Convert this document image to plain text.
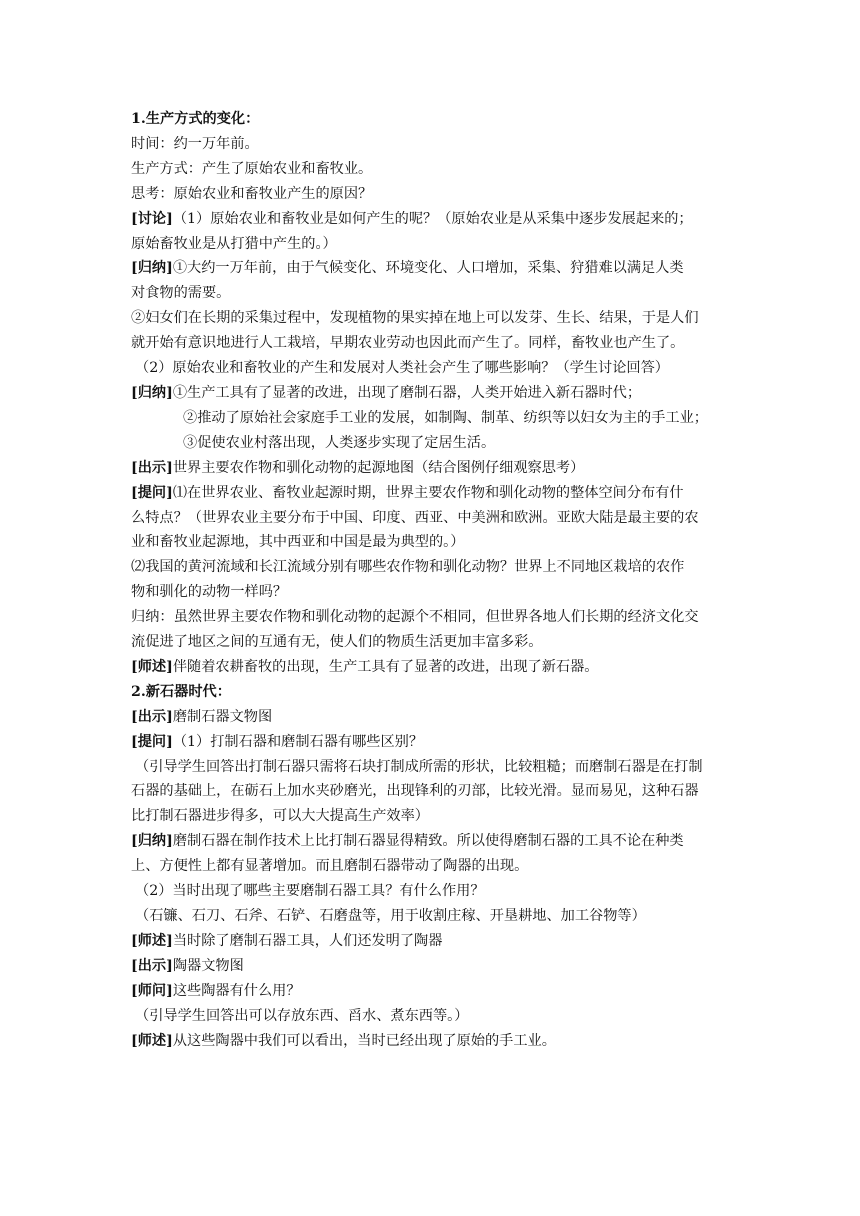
1.生产方式的变化：
时间：约一万年前。
生产方式：产生了原始农业和畜牧业。
思考：原始农业和畜牧业产生的原因？
[讨论]（1）原始农业和畜牧业是如何产生的呢？（原始农业是从采集中逐步发展起来的；
原始畜牧业是从打猎中产生的。）
[归纳]①大约一万年前，由于气候变化、环境变化、人口增加，采集、狩猎难以满足人类
对食物的需要。
②妇女们在长期的采集过程中，发现植物的果实掉在地上可以发芽、生长、结果，于是人们
就开始有意识地进行人工栽培，早期农业劳动也因此而产生了。同样，畜牧业也产生了。
（2）原始农业和畜牧业的产生和发展对人类社会产生了哪些影响？（学生讨论回答）
[归纳]①生产工具有了显著的改进，出现了磨制石器，人类开始进入新石器时代；
②推动了原始社会家庭手工业的发展，如制陶、制革、纺织等以妇女为主的手工业；
③促使农业村落出现，人类逐步实现了定居生活。
[出示]世界主要农作物和驯化动物的起源地图（结合图例仔细观察思考）
[提问]⑴在世界农业、畜牧业起源时期，世界主要农作物和驯化动物的整体空间分布有什
么特点？（世界农业主要分布于中国、印度、西亚、中美洲和欧洲。亚欧大陆是最主要的农
业和畜牧业起源地，其中西亚和中国是最为典型的。）
⑵我国的黄河流域和长江流域分别有哪些农作物和驯化动物？世界上不同地区栽培的农作
物和驯化的动物一样吗？
归纳：虽然世界主要农作物和驯化动物的起源个不相同，但世界各地人们长期的经济文化交
流促进了地区之间的互通有无，使人们的物质生活更加丰富多彩。
[师述]伴随着农耕畜牧的出现，生产工具有了显著的改进，出现了新石器。
2.新石器时代：
[出示]磨制石器文物图
[提问]（1）打制石器和磨制石器有哪些区别？
（引导学生回答出打制石器只需将石块打制成所需的形状，比较粗糙；而磨制石器是在打制
石器的基础上，在砺石上加水夹砂磨光，出现锋利的刃部，比较光滑。显而易见，这种石器
比打制石器进步得多，可以大大提高生产效率）
[归纳]磨制石器在制作技术上比打制石器显得精致。所以使得磨制石器的工具不论在种类
上、方便性上都有显著增加。而且磨制石器带动了陶器的出现。
（2）当时出现了哪些主要磨制石器工具？有什么作用？
（石镰、石刀、石斧、石铲、石磨盘等，用于收割庄稼、开垦耕地、加工谷物等）
[师述]当时除了磨制石器工具，人们还发明了陶器
[出示]陶器文物图
[师问]这些陶器有什么用？
（引导学生回答出可以存放东西、舀水、煮东西等。）
[师述]从这些陶器中我们可以看出，当时已经出现了原始的手工业。
